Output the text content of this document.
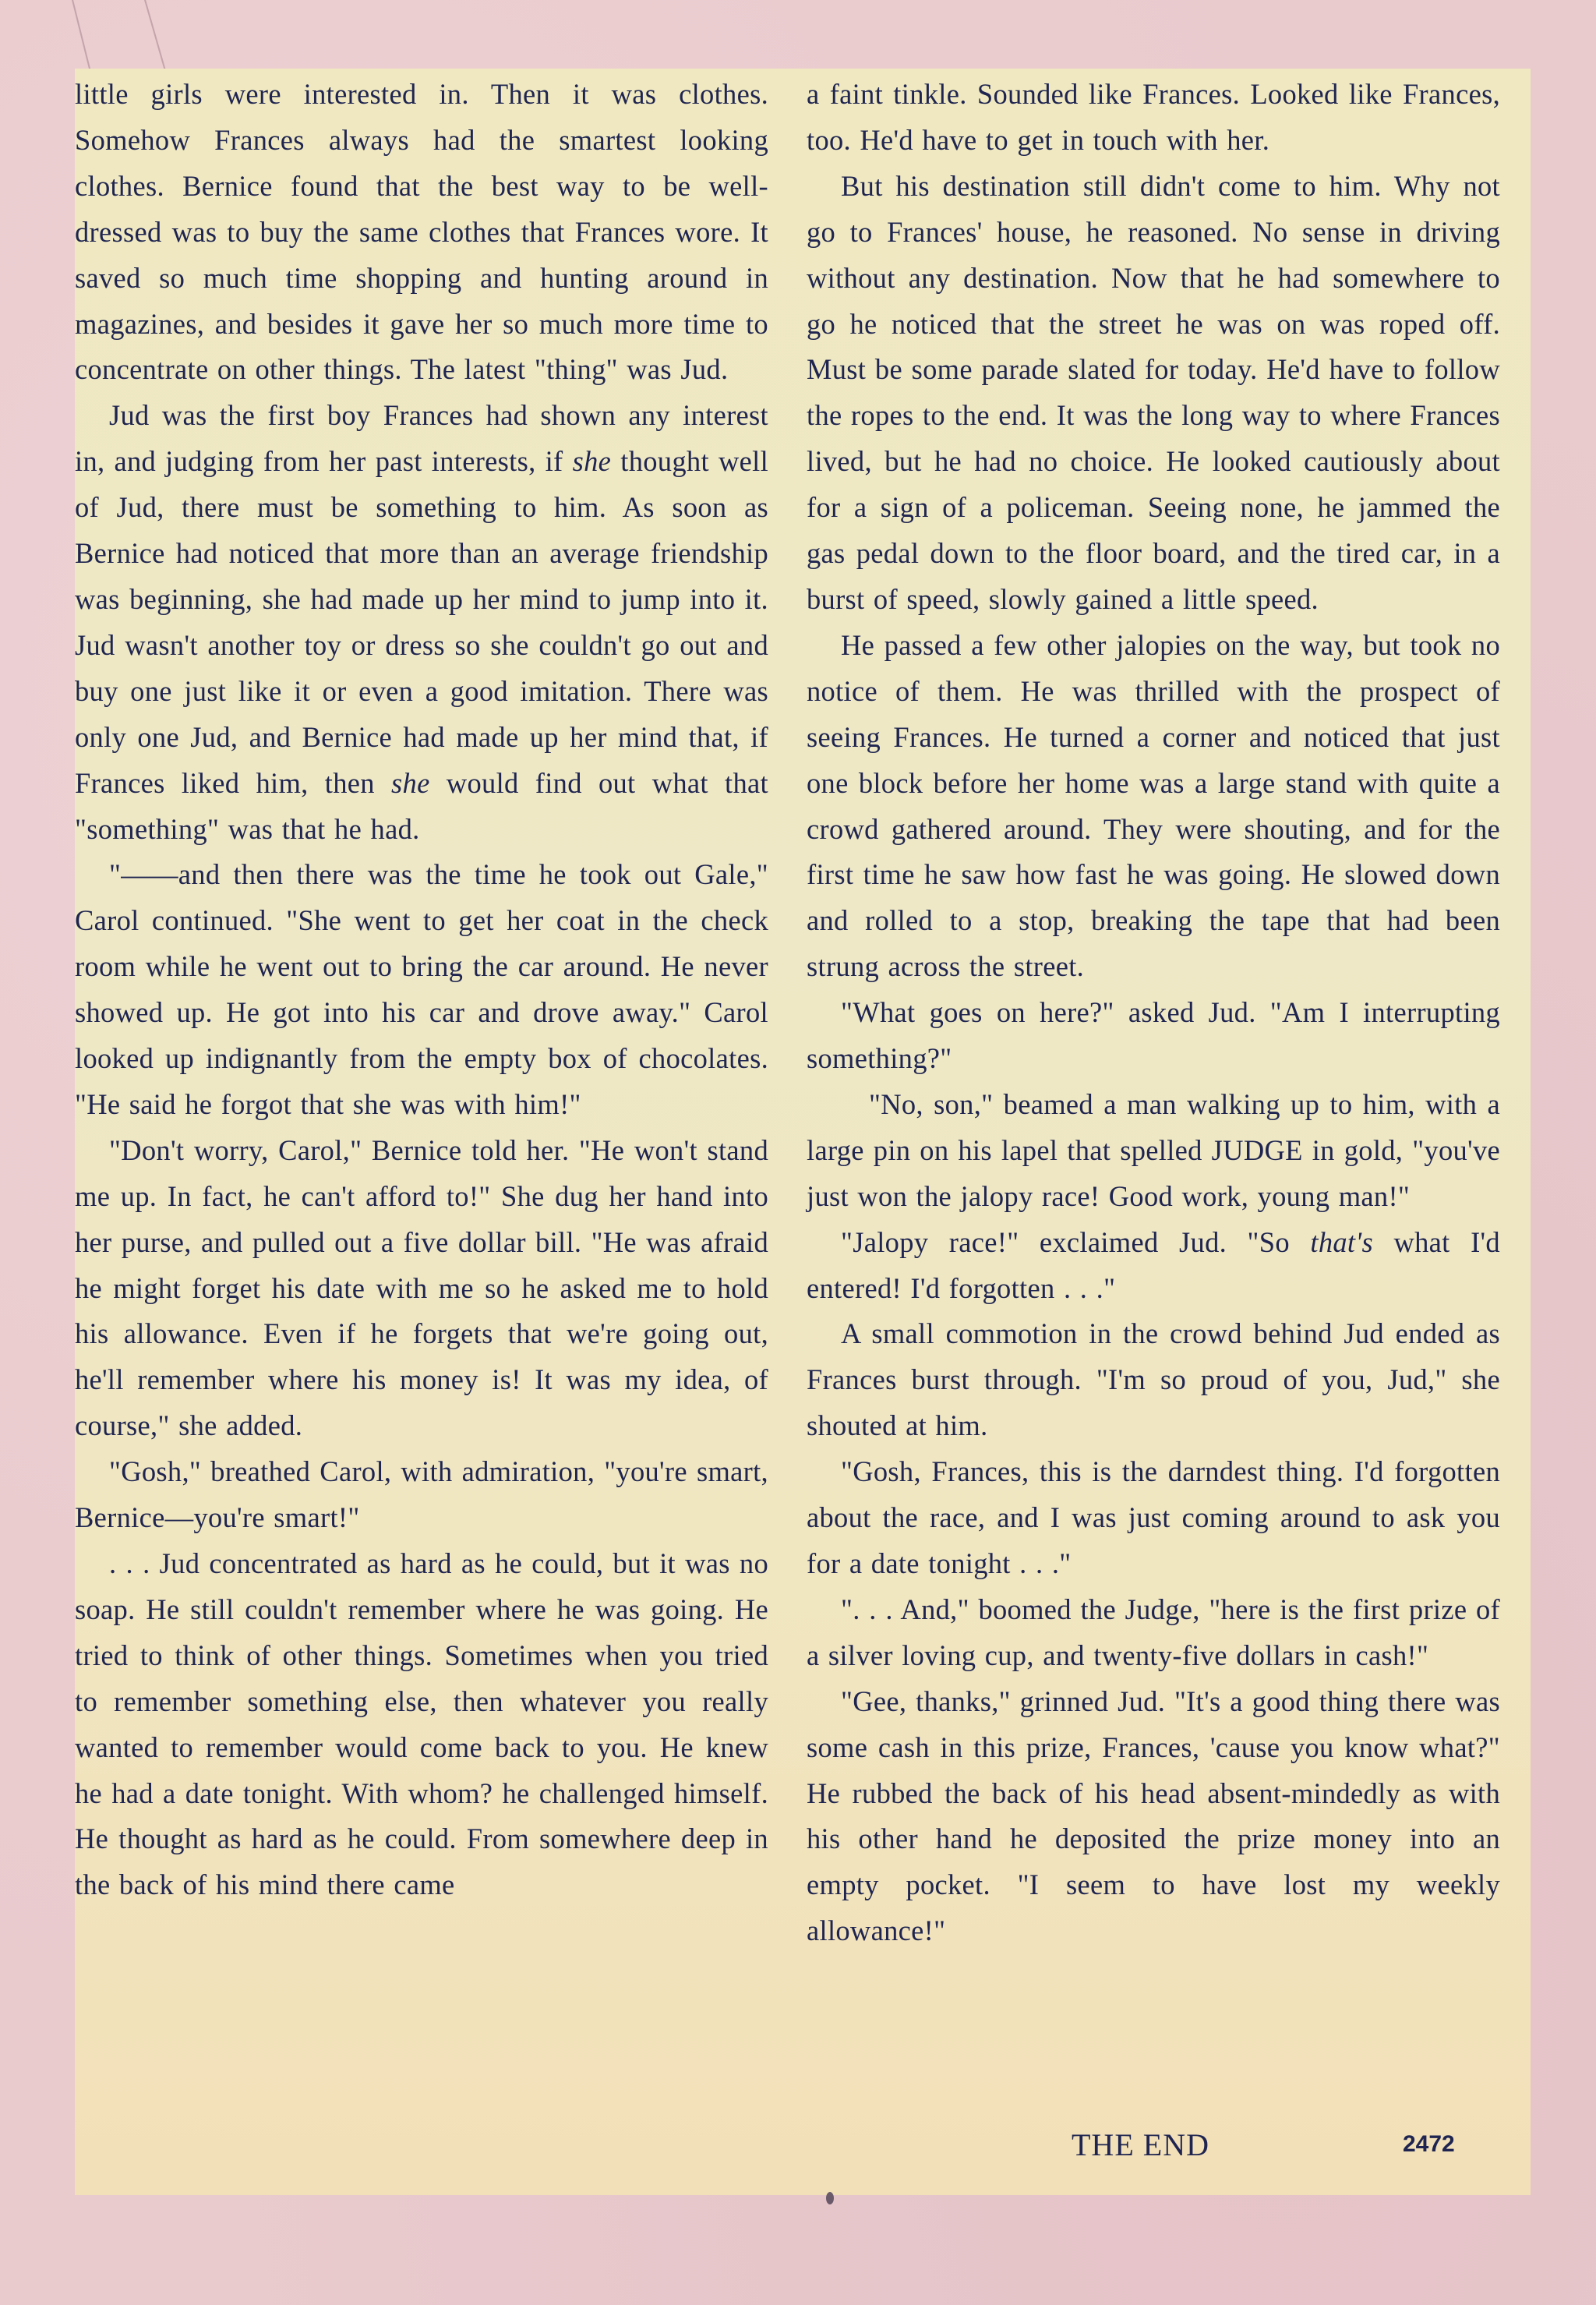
little girls were interested in. Then it was clothes. Somehow Frances always had the smartest looking clothes. Bernice found that the best way to be well-dressed was to buy the same clothes that Frances wore. It saved so much time shopping and hunting around in magazines, and besides it gave her so much more time to concentrate on other things. The latest "thing" was Jud.

Jud was the first boy Frances had shown any interest in, and judging from her past interests, if she thought well of Jud, there must be something to him. As soon as Bernice had noticed that more than an average friendship was beginning, she had made up her mind to jump into it. Jud wasn't another toy or dress so she couldn't go out and buy one just like it or even a good imitation. There was only one Jud, and Bernice had made up her mind that, if Frances liked him, then she would find out what that "something" was that he had.

"——and then there was the time he took out Gale," Carol continued. "She went to get her coat in the check room while he went out to bring the car around. He never showed up. He got into his car and drove away." Carol looked up indignantly from the empty box of chocolates. "He said he forgot that she was with him!"

"Don't worry, Carol," Bernice told her. "He won't stand me up. In fact, he can't afford to!" She dug her hand into her purse, and pulled out a five dollar bill. "He was afraid he might forget his date with me so he asked me to hold his allowance. Even if he forgets that we're going out, he'll remember where his money is! It was my idea, of course," she added.

"Gosh," breathed Carol, with admiration, "you're smart, Bernice—you're smart!"

. . . Jud concentrated as hard as he could, but it was no soap. He still couldn't remember where he was going. He tried to think of other things. Sometimes when you tried to remember something else, then whatever you really wanted to remember would come back to you. He knew he had a date tonight. With whom? he challenged himself. He thought as hard as he could. From somewhere deep in the back of his mind there came

a faint tinkle. Sounded like Frances. Looked like Frances, too. He'd have to get in touch with her.

But his destination still didn't come to him. Why not go to Frances' house, he reasoned. No sense in driving without any destination. Now that he had somewhere to go he noticed that the street he was on was roped off. Must be some parade slated for today. He'd have to follow the ropes to the end. It was the long way to where Frances lived, but he had no choice. He looked cautiously about for a sign of a policeman. Seeing none, he jammed the gas pedal down to the floor board, and the tired car, in a burst of speed, slowly gained a little speed.

He passed a few other jalopies on the way, but took no notice of them. He was thrilled with the prospect of seeing Frances. He turned a corner and noticed that just one block before her home was a large stand with quite a crowd gathered around. They were shouting, and for the first time he saw how fast he was going. He slowed down and rolled to a stop, breaking the tape that had been strung across the street.

"What goes on here?" asked Jud. "Am I interrupting something?"

"No, son," beamed a man walking up to him, with a large pin on his lapel that spelled JUDGE in gold, "you've just won the jalopy race! Good work, young man!"

"Jalopy race!" exclaimed Jud. "So that's what I'd entered! I'd forgotten . . ."

A small commotion in the crowd behind Jud ended as Frances burst through. "I'm so proud of you, Jud," she shouted at him.

"Gosh, Frances, this is the darndest thing. I'd forgotten about the race, and I was just coming around to ask you for a date tonight . . ."

". . . And," boomed the Judge, "here is the first prize of a silver loving cup, and twenty-five dollars in cash!"

"Gee, thanks," grinned Jud. "It's a good thing there was some cash in this prize, Frances, 'cause you know what?" He rubbed the back of his head absent-mindedly as with his other hand he deposited the prize money into an empty pocket. "I seem to have lost my weekly allowance!"

THE END	2472
